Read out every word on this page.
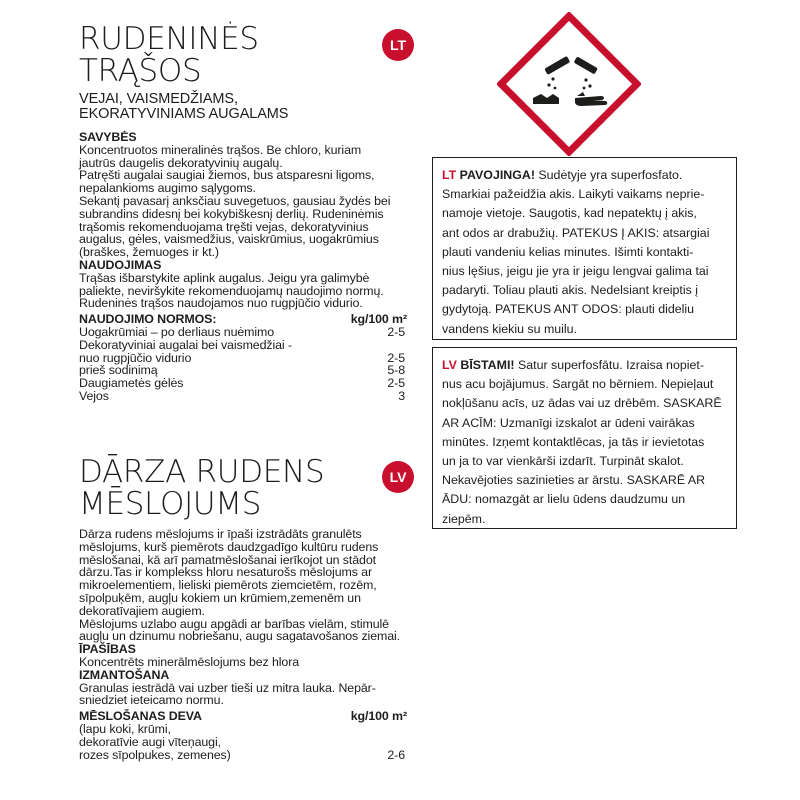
RUDENINĖS

TRĄŠOS

LT

VEJAI, VAISMEDŽIAMS,

EKORATYVINIAMS AUGALAMS

SAVYBĖS

Koncentruotos mineralinės trąšos. Be chloro, kuriam

jautrūs daugelis dekoratyvinių augalų.

Patręšti augalai saugiai žiemos, bus atsparesni ligoms,

nepalankioms augimo sąlygoms.

Sekantį pavasarį anksčiau suvegetuos, gausiau žydės bei

subrandins didesnį bei kokybiškesnį derlių. Rudeninėmis

trąšomis rekomenduojama tręšti vejas, dekoratyvinius

augalus, gėles, vaismedžius, vaiskrūmius, uogakrūmius

(braškes, žemuoges ir kt.)

NAUDOJIMAS

Trąšas išbarstykite aplink augalus. Jeigu yra galimybė

paliekte, neviršykite rekomenduojamų naudojimo normų.

Rudeninės trąšos naudojamos nuo rugpjūčio vidurio.

NAUDOJIMO NORMOS:	kg/100 m²
Uogakrūmiai – po derliaus nuėmimo	2-5
Dekoratyviniai augalai bei vaismedžiai -
nuo rugpjūčio vidurio	2-5
prieš sodinimą	5-8
Daugiametės gėlės	2-5
Vejos	3

DĀRZA RUDENS

MĒSLOJUMS

LV

Dārza rudens mēslojums ir īpaši izstrādāts granulēts

mēslojums, kurš piemērots daudzgadīgo kultūru rudens

mēslošanai, kā arī pamatmēslošanai ierīkojot un stādot

dārzu.Tas ir komplekss hloru nesaturošs mēslojums ar

mikroelementiem, lieliski piemērots ziemcietēm, rozēm,

sīpolpuķēm, augļu kokiem un krūmiem,zemenēm un

dekoratīvajiem augiem.

Mēslojums uzlabo augu apgādi ar barības vielām, stimulē

augļu un dzinumu nobriešanu, augu sagatavošanos ziemai.

ĪPAŠĪBAS

Koncentrēts minerālmēslojums bez hlora

IZMANTOŠANA

Granulas iestrādā vai uzber tieši uz mitra lauka. Nepār-

sniedziet ieteicamo normu.

MĒSLOŠANAS DEVA	kg/100 m²
(lapu koki, krūmi,
dekoratīvie augi vīteņaugi,
rozes sīpolpukes, zemenes)	2-6

LT PAVOJINGA! Sudėtyje yra superfosfato.

Smarkiai pažeidžia akis. Laikyti vaikams neprie-

namoje vietoje. Saugotis, kad nepatektų į akis,

ant odos ar drabužių. PATEKUS Į AKIS: atsargiai

plauti vandeniu kelias minutes. Išimti kontakti-

nius lęšius, jeigu jie yra ir jeigu lengvai galima tai

padaryti. Toliau plauti akis. Nedelsiant kreiptis į

gydytoją. PATEKUS ANT ODOS: plauti dideliu

vandens kiekiu su muilu.

LV BĪSTAMI! Satur superfosfātu. Izraisa nopiet-

nus acu bojājumus. Sargāt no bērniem. Nepieļaut

nokļūšanu acīs, uz ādas vai uz drēbēm. SASKARĒ

AR ACĪM: Uzmanīgi izskalot ar ūdeni vairākas

minūtes. Izņemt kontaktlēcas, ja tās ir ievietotas

un ja to var vienkārši izdarīt. Turpināt skalot.

Nekavējoties sazinieties ar ārstu. SASKARĒ AR

ĀDU: nomazgāt ar lielu ūdens daudzumu un

ziepēm.
